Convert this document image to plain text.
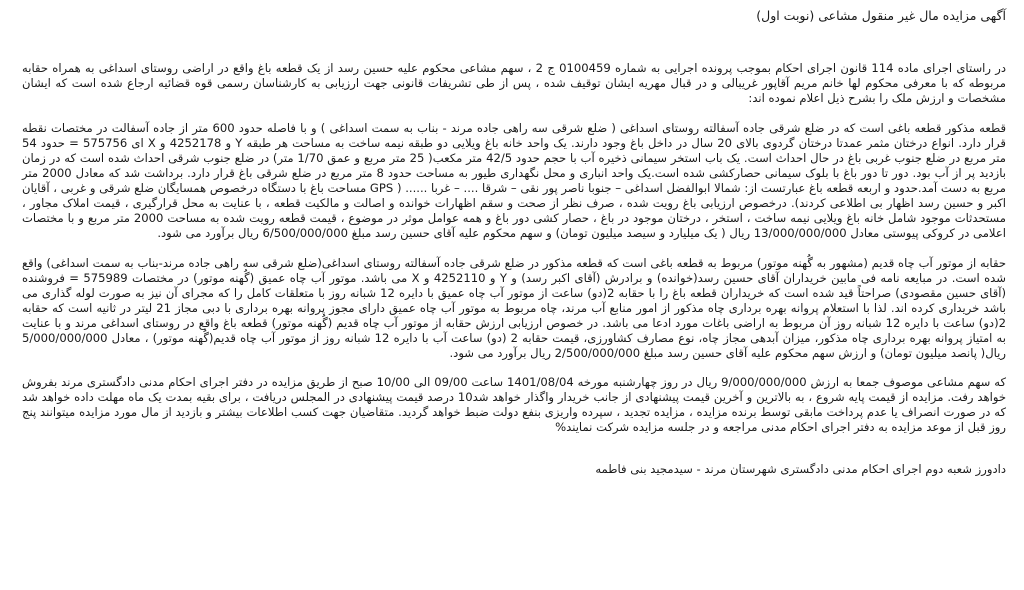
آگهی مزایده مال غیر منقول مشاعی (نوبت اول)

در راستای اجرای ماده 114 قانون اجرای احکام بموجب پرونده اجرایی به شماره 0100459 ج 2 ، سهم مشاعی محکوم علیه حسین رسد از یک قطعه باغ واقع در اراضی روستای اسداغی به همراه حقابه مربوطه که با معرفی محکوم لها خانم مریم آقاپور غریبالی و در قبال مهریه ایشان توقیف شده ، پس از طی تشریفات قانونی جهت ارزیابی به کارشناسان رسمی قوه قضائیه ارجاع شده است که ایشان مشخصات و ارزش ملک را بشرح ذیل اعلام نموده اند:

قطعه مذکور قطعه باغی است که در ضلع شرقی جاده آسفالته روستای اسداغی ( ضلع شرقی سه راهی جاده مرند - بناب به سمت اسداغی ) و با فاصله حدود 600 متر از جاده آسفالت در مختصات نقطه قرار دارد. انواع درختان مثمر عمدتا درختان گردوی بالای 20 سال در داخل باغ وجود دارند. یک واحد خانه باغ ویلایی دو طبقه نیمه ساخت به مساحت هر طبقه Y و 4252178 و X ای 575756 = حدود 54 متر مربع در ضلع جنوب غربی باغ در حال احداث است. یک باب استخر سیمانی ذخیره آب با حجم حدود 42/5 متر مکعب( 25 متر مربع و عمق 1/70 متر) در ضلع جنوب شرقی احداث شده است که در زمان بازدید پر از آب بود. دور تا دور باغ با بلوک سیمانی حصارکشی شده است.یک واحد انباری و محل نگهداری طیور به مساحت حدود 8 متر مربع در ضلع شرقی باغ قرار دارد. برداشت شد که معادل 2000 متر مربع به دست آمد.حدود و اربعه قطعه باغ عبارتست از: شمالا ابوالفضل اسداغی – جنوبا ناصر پور نقی – شرقا .... – غربا ...... ( GPS مساحت باغ با دستگاه درخصوص همسایگان ضلع شرقی و غربی ، آقایان اکبر و حسین رسد اظهار بی اطلاعی کردند). درخصوص ارزیابی باغ رویت شده ، صرف نظر از صحت و سقم اظهارات خوانده و اصالت و مالکیت قطعه ، با عنایت به محل قرارگیری ، قیمت املاک مجاور ، مستحدثات موجود شامل خانه باغ ویلایی نیمه ساخت ، استخر ، درختان موجود در باغ ، حصار کشی دور باغ و همه عوامل موثر در موضوع ، قیمت قطعه رویت شده به مساحت 2000 متر مربع و با مختصات اعلامی در کروکی پیوستی معادل 13/000/000/000 ریال ( یک میلیارد و سیصد میلیون تومان) و سهم محکوم علیه آقای حسین رسد مبلغ 6/500/000/000 ریال برآورد می شود.

حقابه از موتور آب چاه قدیم (مشهور به گُهنه موتور) مربوط به قطعه باغی است که قطعه مذکور در ضلع شرقی جاده آسفالته روستای اسداغی(ضلع شرقی سه راهی جاده مرند-بناب به سمت اسداغی) واقع شده است. در مبایعه نامه فی مابین خریداران آقای حسین رسد(خوانده) و برادرش (آقای اکبر رسد) و Y و 4252110 و X می باشد. موتور آب چاه عمیق (گُهنه موتور) در مختصات 575989 = فروشنده (آقای حسین مقصودی) صراحتاً قید شده است که خریداران قطعه باغ را با حقابه 2(دو) ساعت از موتور آب چاه عمیق با دایره 12 شبانه روز با متعلقات کامل را که مجرای آن نیز به صورت لوله گذاری می باشد خریداری کرده اند. لذا با استعلام پروانه بهره برداری چاه مذکور از امور منابع آب مرند، چاه مربوط به موتور آب چاه عمیق دارای مجوز پروانه بهره برداری با دبی مجاز 21 لیتر در ثانیه است که حقابه 2(دو) ساعت با دایره 12 شبانه روز آن مربوط به اراضی باغات مورد ادعا می باشد. در خصوص ارزیابی ارزش حقابه از موتور آب چاه قدیم (گُهنه موتور) قطعه باغ واقع در روستای اسداغی مرند و با عنایت به امتیاز پروانه بهره برداری چاه مذکور، میزان آبدهی مجاز چاه، نوع مصارف کشاورزی، قیمت حقابه 2 (دو) ساعت آب با دایره 12 شبانه روز از موتور آب چاه قدیم(گُهنه موتور) ، معادل 5/000/000/000 ریال( پانصد میلیون تومان) و ارزش سهم محکوم علیه آقای حسین رسد مبلغ 2/500/000/000 ریال برآورد می شود.

که سهم مشاعی موصوف جمعا به ارزش 9/000/000/000 ریال در روز چهارشنبه مورخه 1401/08/04 ساعت 09/00 الی 10/00 صبح از طریق مزایده در دفتر اجرای احکام مدنی دادگستری مرند بفروش خواهد رفت. مزایده از قیمت پایه شروع ، به بالاترین و آخرین قیمت پیشنهادی از جانب خریدار واگذار خواهد شد10 درصد قیمت پیشنهادی در المجلس دریافت ، برای بقیه بمدت یک ماه مهلت داده خواهد شد که در صورت انصراف یا عدم پرداخت مابقی توسط برنده مزایده ، مزایده تجدید ، سپرده واریزی بنفع دولت ضبط خواهد گردید. متقاضیان جهت کسب اطلاعات بیشتر و بازدید از مال مورد مزایده میتوانند پنج روز قبل از موعد مزایده به دفتر اجرای احکام مدنی مراجعه و در جلسه مزایده شرکت نمایند%

دادورز شعبه دوم اجرای احکام مدنی دادگستری شهرستان مرند - سیدمجید بنی فاطمه
